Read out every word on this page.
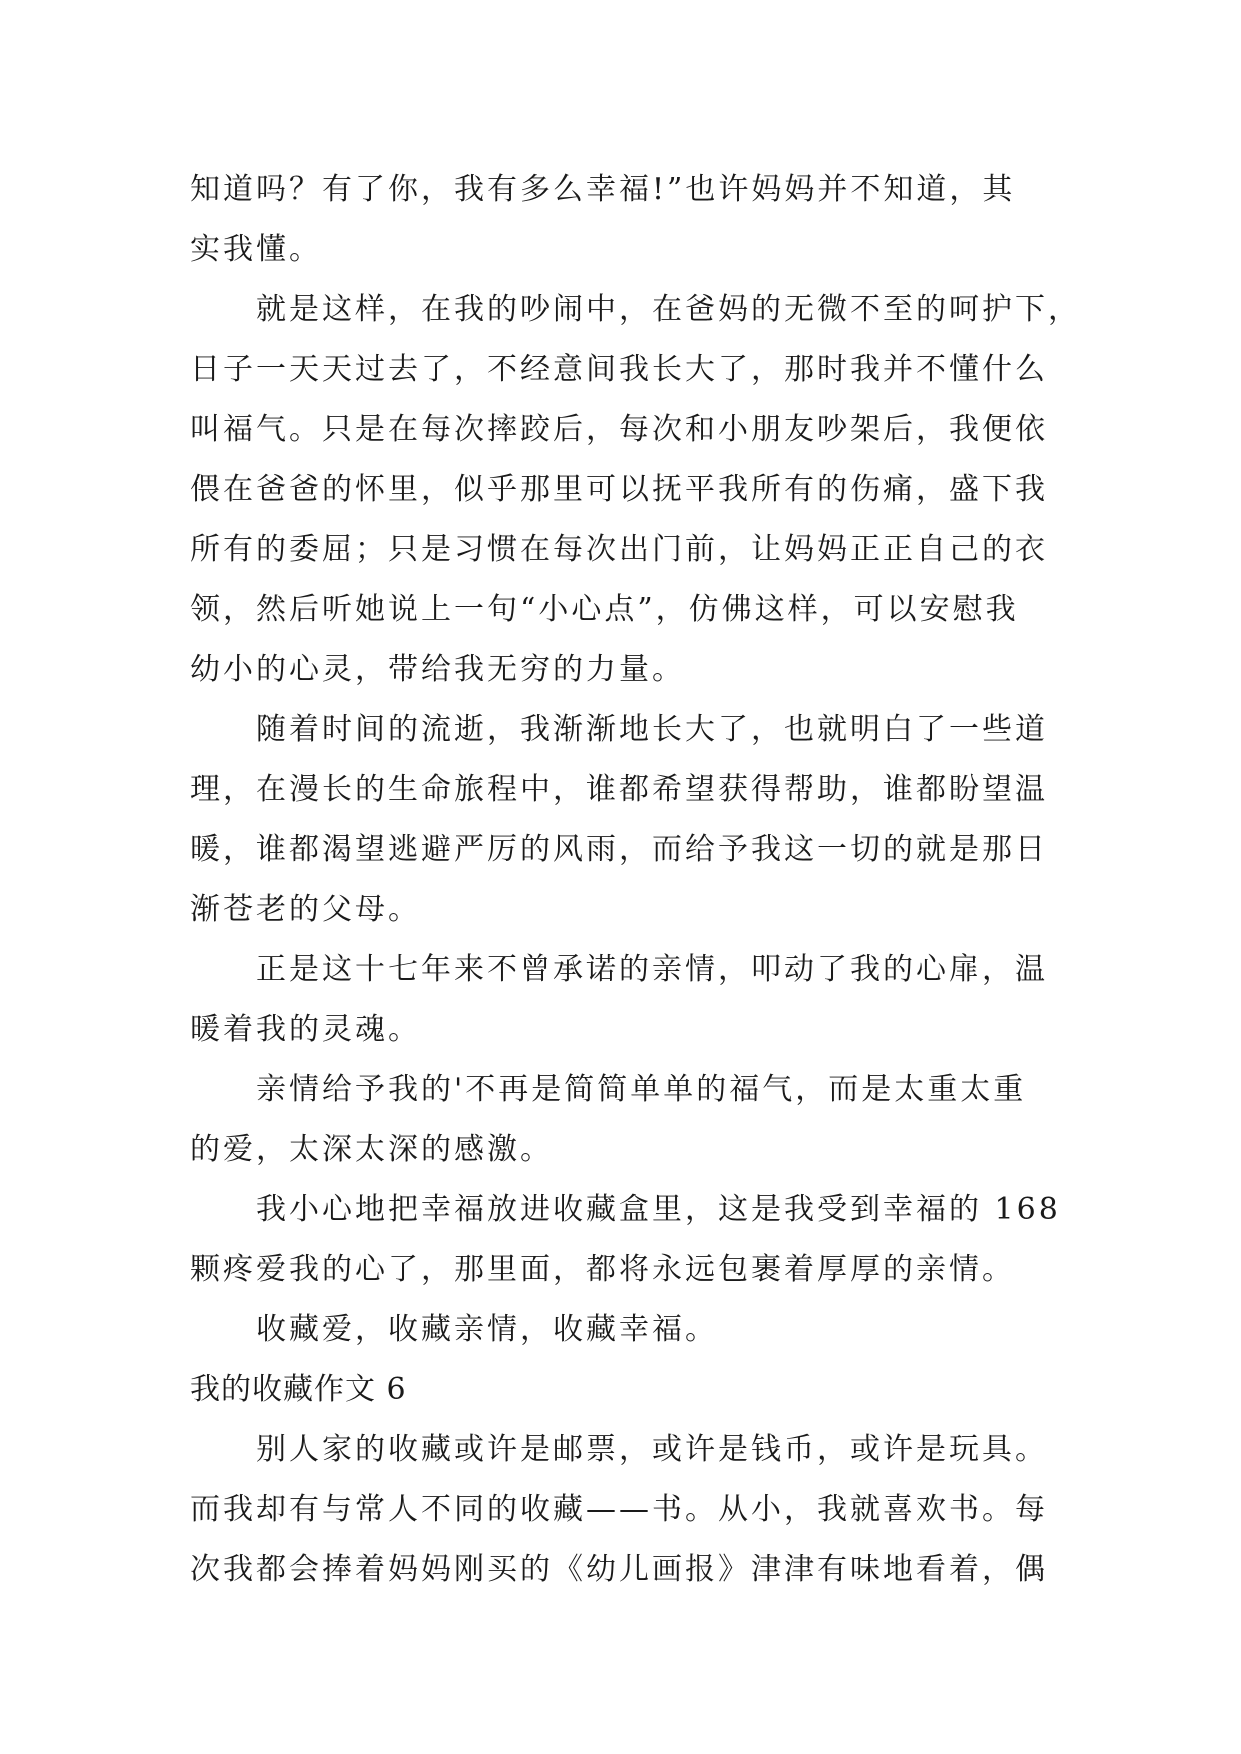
知道吗？有了你，我有多么幸福!”也许妈妈并不知道，其
实我懂。
就是这样，在我的吵闹中，在爸妈的无微不至的呵护下，
日子一天天过去了，不经意间我长大了，那时我并不懂什么
叫福气。只是在每次摔跤后，每次和小朋友吵架后，我便依
偎在爸爸的怀里，似乎那里可以抚平我所有的伤痛，盛下我
所有的委屈；只是习惯在每次出门前，让妈妈正正自己的衣
领，然后听她说上一句“小心点”，仿佛这样，可以安慰我
幼小的心灵，带给我无穷的力量。
随着时间的流逝，我渐渐地长大了，也就明白了一些道
理，在漫长的生命旅程中，谁都希望获得帮助，谁都盼望温
暖，谁都渴望逃避严厉的风雨，而给予我这一切的就是那日
渐苍老的父母。
正是这十七年来不曾承诺的亲情，叩动了我的心扉，温
暖着我的灵魂。
亲情给予我的'不再是简简单单的福气，而是太重太重
的爱，太深太深的感激。
我小心地把幸福放进收藏盒里，这是我受到幸福的 168
颗疼爱我的心了，那里面，都将永远包裹着厚厚的亲情。
收藏爱，收藏亲情，收藏幸福。
我的收藏作文 6
别人家的收藏或许是邮票，或许是钱币，或许是玩具。
而我却有与常人不同的收藏——书。从小，我就喜欢书。每
次我都会捧着妈妈刚买的《幼儿画报》津津有味地看着，偶
